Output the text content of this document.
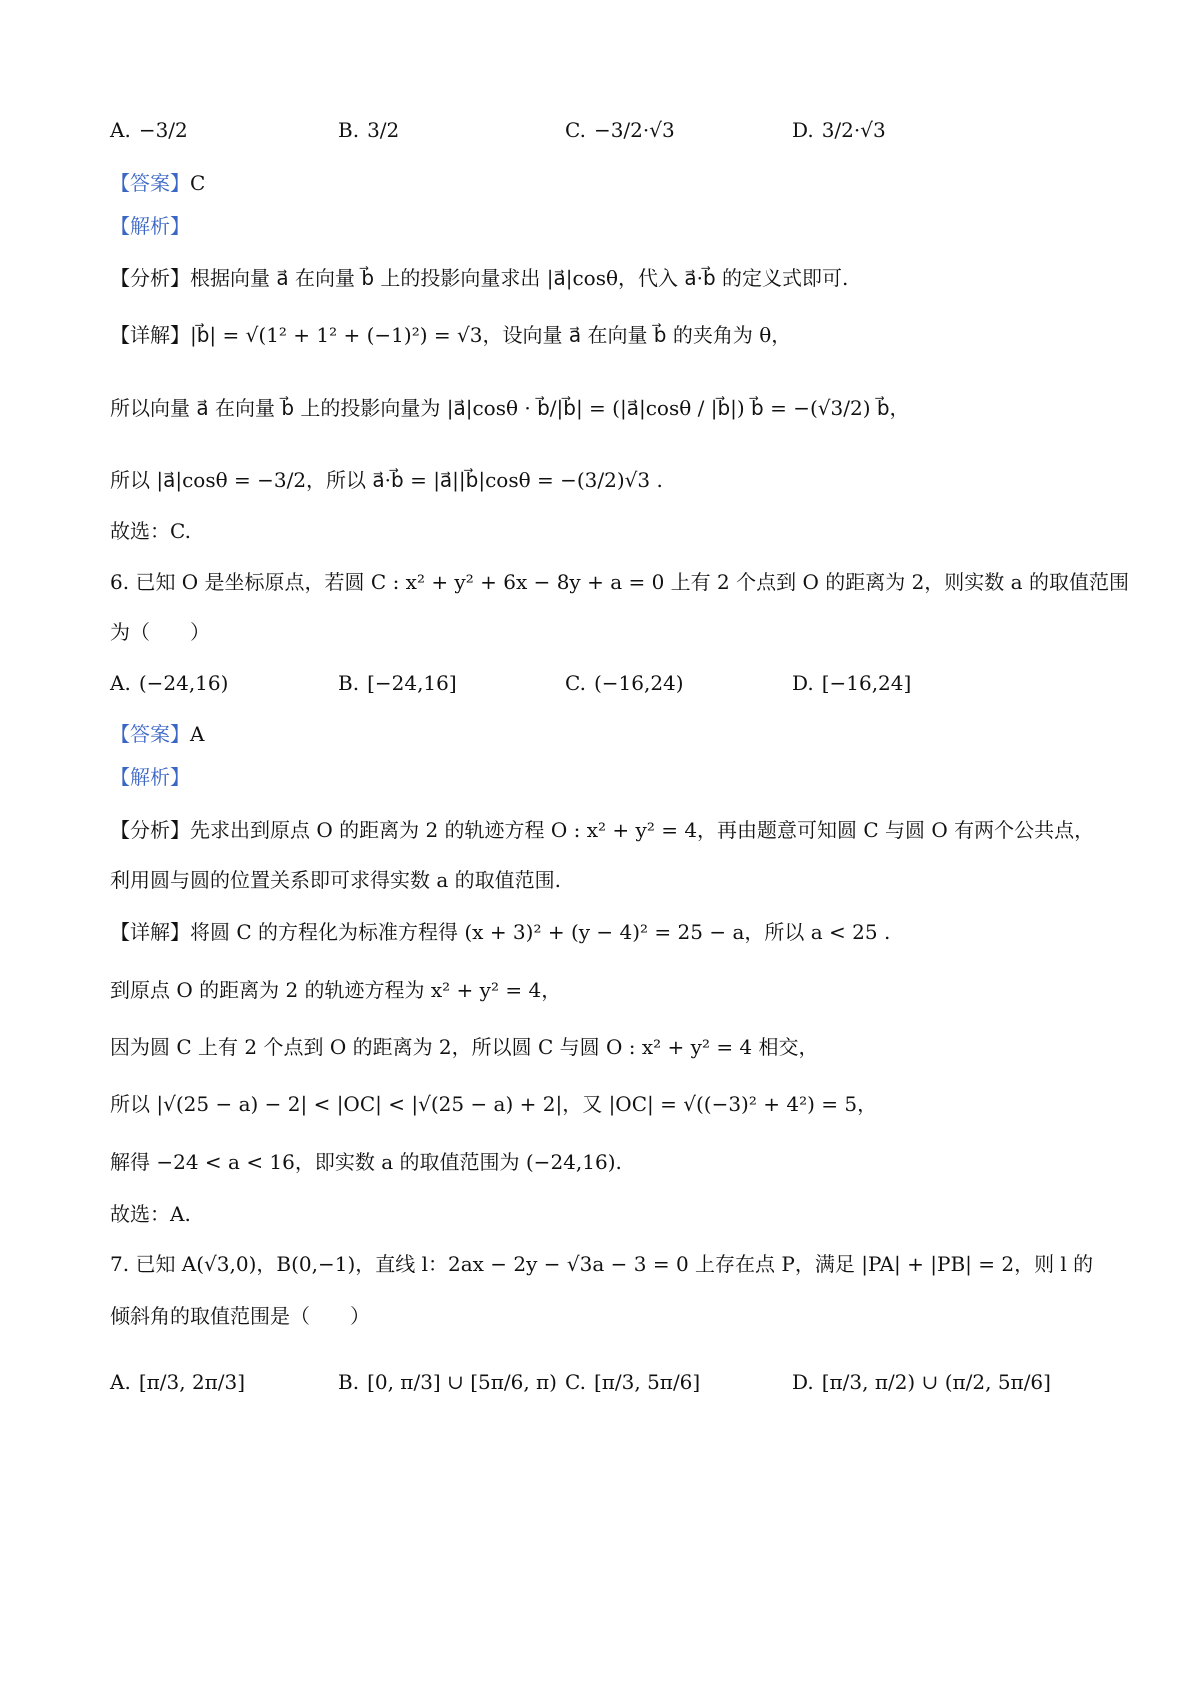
A. −3/2	B. 3/2	C. −3/2·√3	D. 3/2·√3
【答案】C
【解析】
【分析】根据向量 a⃗ 在向量 b⃗ 上的投影向量求出 |a⃗|cosθ，代入 a⃗·b⃗ 的定义式即可.
【详解】|b⃗| = √(1² + 1² + (−1)²) = √3，设向量 a⃗ 在向量 b⃗ 的夹角为 θ，
所以向量 a⃗ 在向量 b⃗ 上的投影向量为 |a⃗|cosθ · b⃗/|b⃗| = (|a⃗|cosθ / |b⃗|) b⃗ = −(√3/2) b⃗，
所以 |a⃗|cosθ = −3/2，所以 a⃗·b⃗ = |a⃗||b⃗|cosθ = −(3/2)√3 .
故选：C.
6. 已知 O 是坐标原点，若圆 C : x² + y² + 6x − 8y + a = 0 上有 2 个点到 O 的距离为 2，则实数 a 的取值范围
为（　　）
A. (−24,16)	B. [−24,16]	C. (−16,24)	D. [−16,24]
【答案】A
【解析】
【分析】先求出到原点 O 的距离为 2 的轨迹方程 O : x² + y² = 4，再由题意可知圆 C 与圆 O 有两个公共点，
利用圆与圆的位置关系即可求得实数 a 的取值范围.
【详解】将圆 C 的方程化为标准方程得 (x + 3)² + (y − 4)² = 25 − a，所以 a < 25 .
到原点 O 的距离为 2 的轨迹方程为 x² + y² = 4，
因为圆 C 上有 2 个点到 O 的距离为 2，所以圆 C 与圆 O : x² + y² = 4 相交，
所以 |√(25 − a) − 2| < |OC| < |√(25 − a) + 2|，又 |OC| = √((−3)² + 4²) = 5，
解得 −24 < a < 16，即实数 a 的取值范围为 (−24,16).
故选：A.
7. 已知 A(√3,0)，B(0,−1)，直线 l：2ax − 2y − √3a − 3 = 0 上存在点 P，满足 |PA| + |PB| = 2，则 l 的
倾斜角的取值范围是（　　）
A. [π/3, 2π/3]	B. [0, π/3] ∪ [5π/6, π) C. [π/3, 5π/6]	D. [π/3, π/2) ∪ (π/2, 5π/6]
